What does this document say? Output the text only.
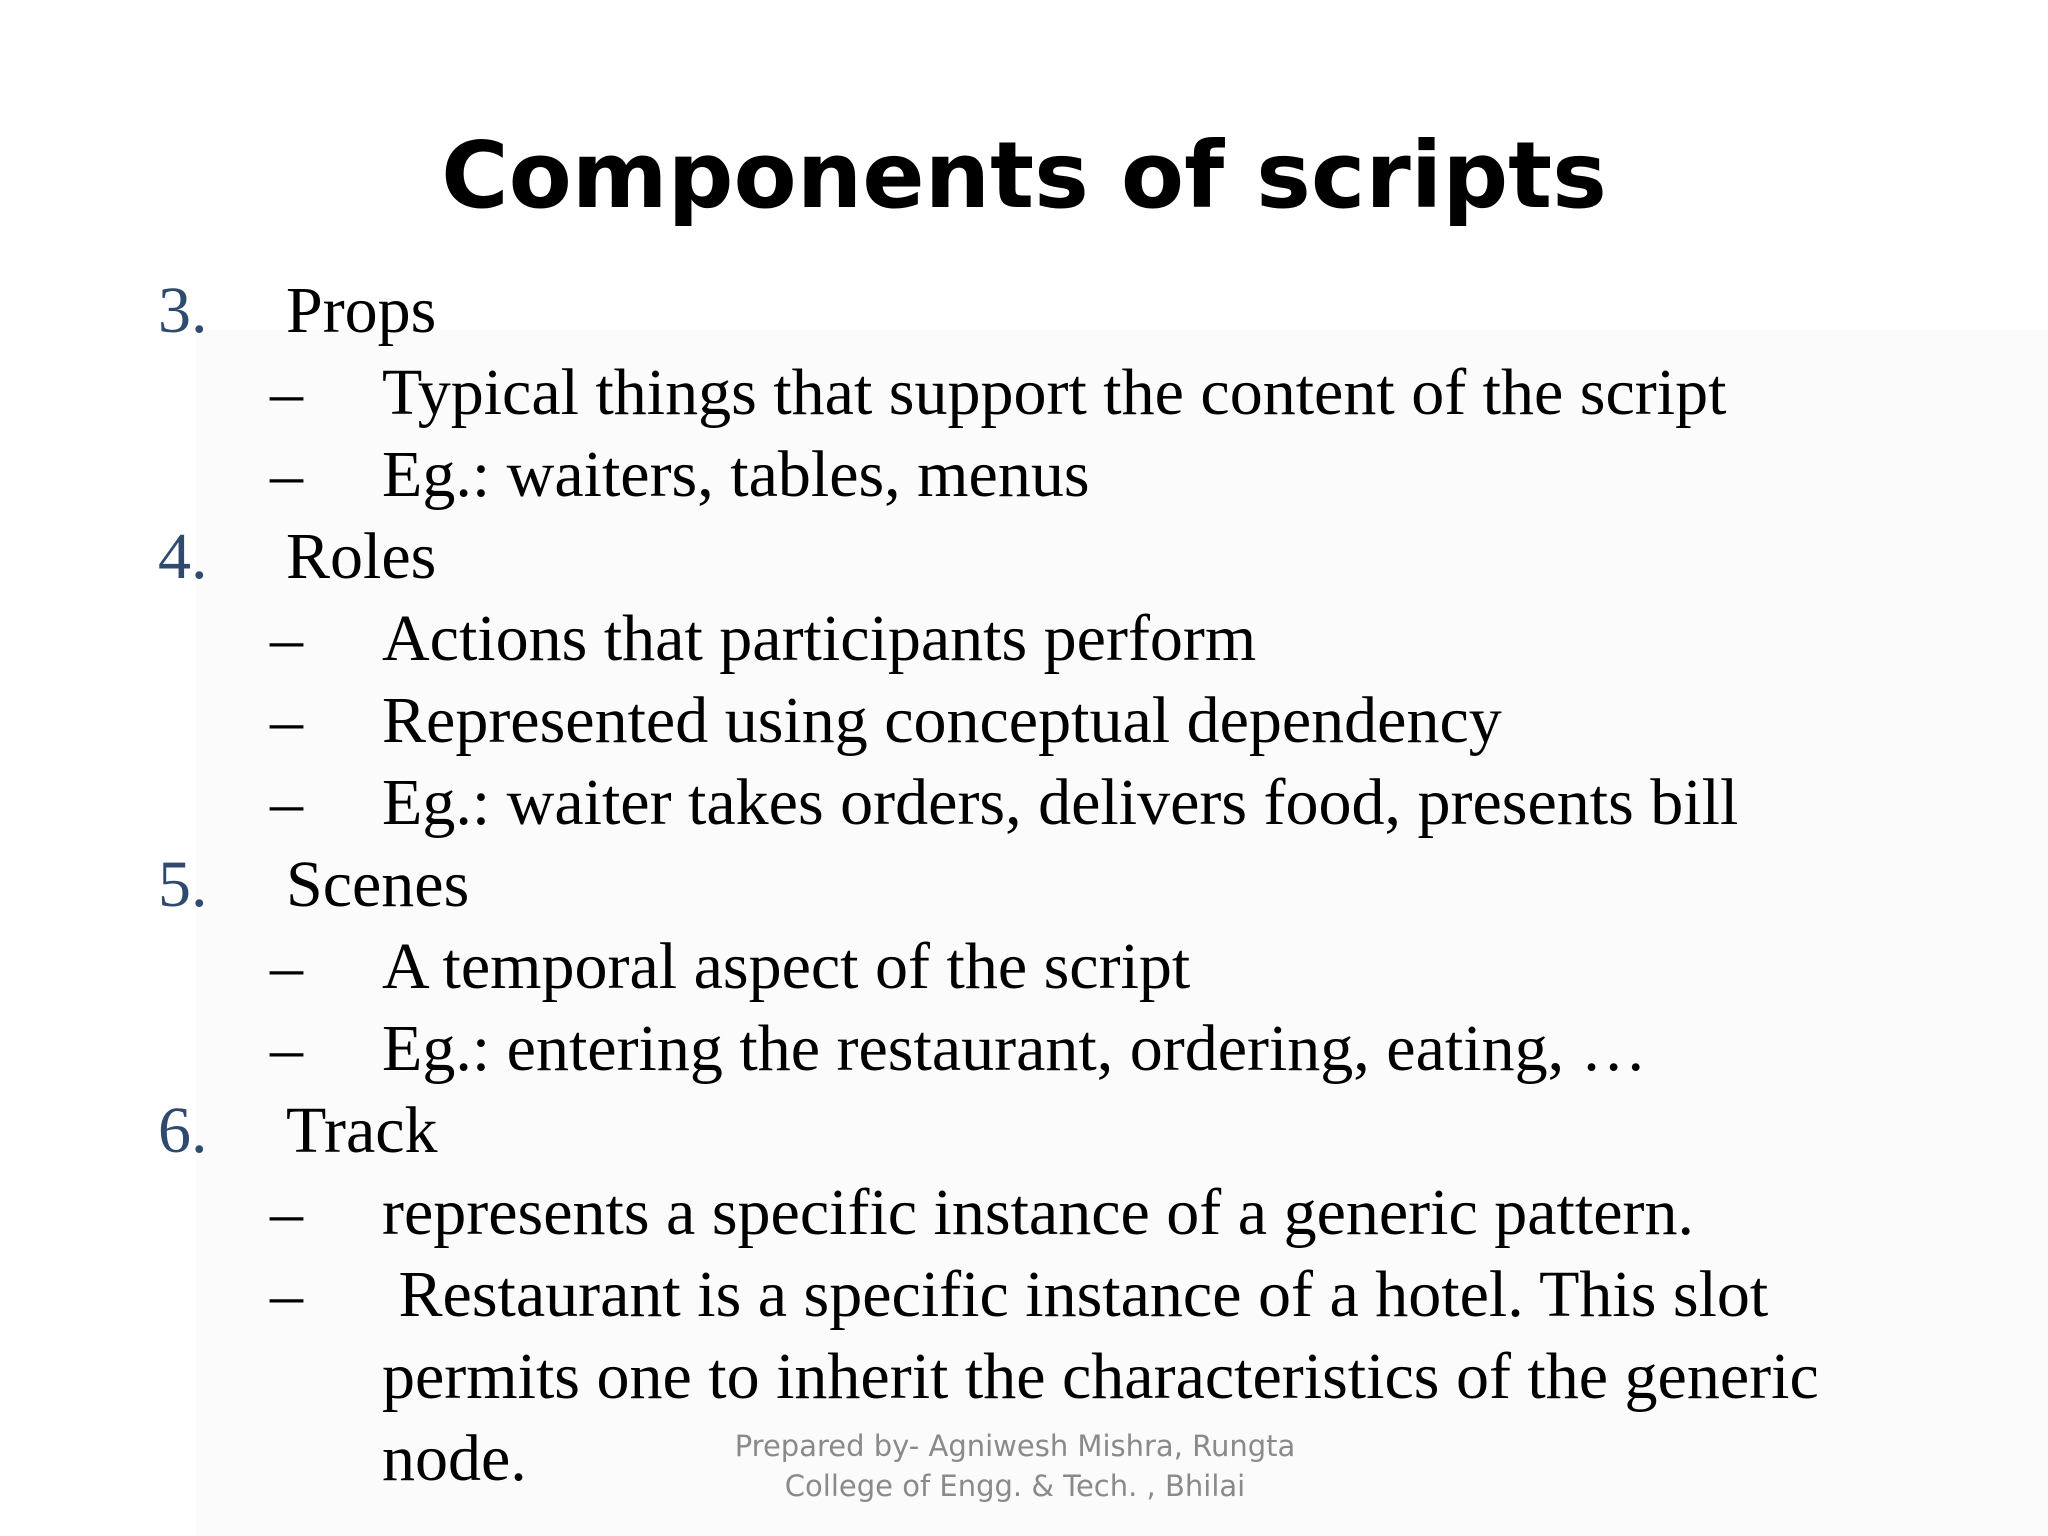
Components of scripts
3. Props
– Typical things that support the content of the script
– Eg.: waiters, tables, menus
4. Roles
– Actions that participants perform
– Represented using conceptual dependency
– Eg.: waiter takes orders, delivers food, presents bill
5. Scenes
– A temporal aspect of the script
– Eg.: entering the restaurant, ordering, eating, …
6. Track
– represents a specific instance of a generic pattern.
– Restaurant is a specific instance of a hotel. This slot
permits one to inherit the characteristics of the generic
node.	Prepared by- Agniwesh Mishra, Rungta
College of Engg. & Tech. , Bhilai
